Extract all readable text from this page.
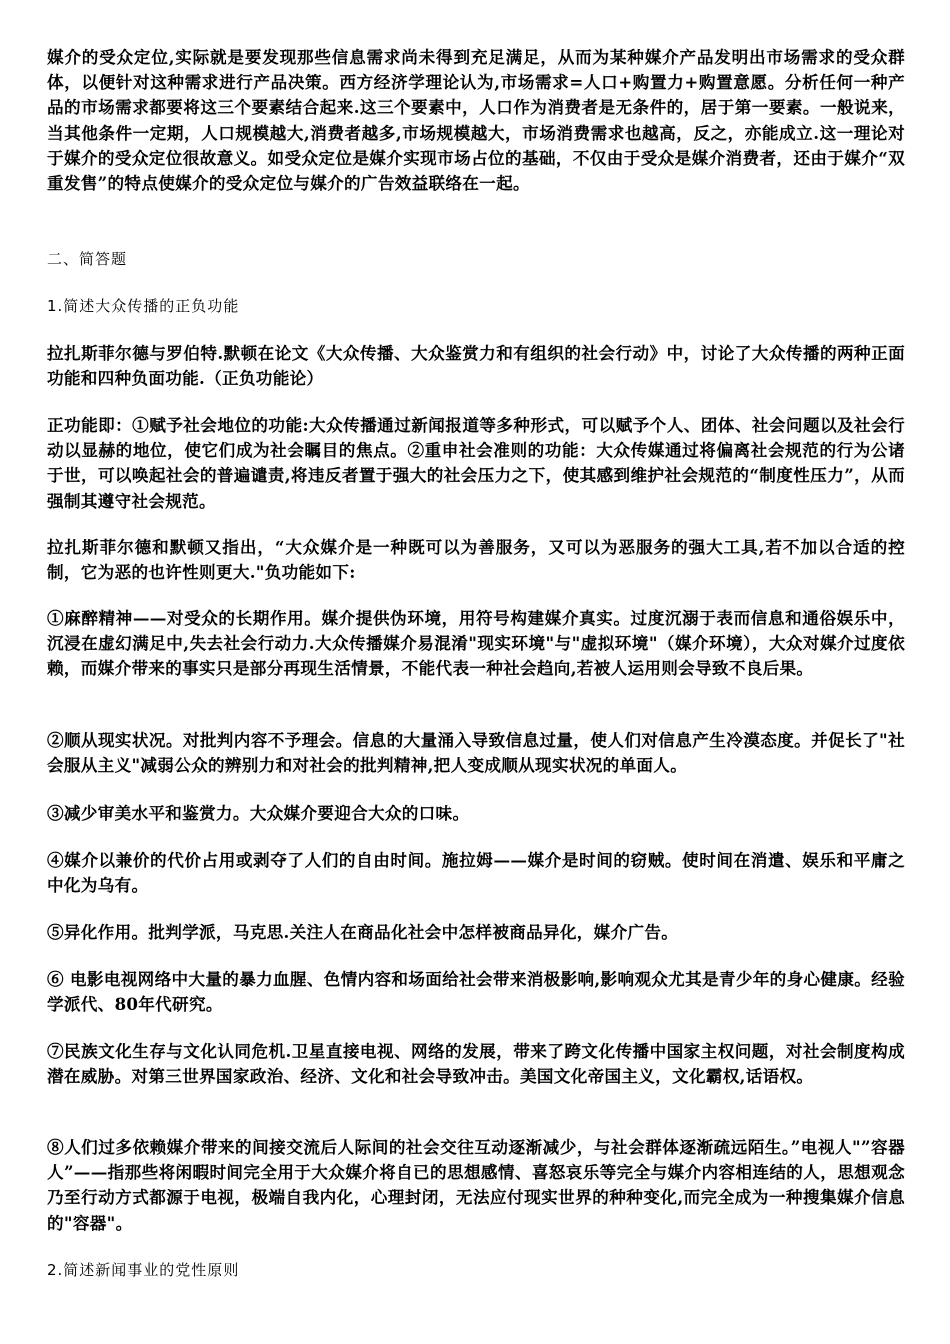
媒介的受众定位,实际就是要发现那些信息需求尚未得到充足满足，从而为某种媒介产品发明出市场需求的受众群体，以便针对这种需求进行产品决策。西方经济学理论认为,市场需求=人口+购置力+购置意愿。分析任何一种产品的市场需求都要将这三个要素结合起来.这三个要素中，人口作为消费者是无条件的，居于第一要素。一般说来，当其他条件一定期，人口规模越大,消费者越多,市场规模越大，市场消费需求也越高，反之，亦能成立.这一理论对于媒介的受众定位很故意义。如受众定位是媒介实现市场占位的基础，不仅由于受众是媒介消费者，还由于媒介“双重发售”的特点使媒介的受众定位与媒介的广告效益联络在一起。

二、简答题

1.简述大众传播的正负功能

拉扎斯菲尔德与罗伯特.默顿在论文《大众传播、大众鉴赏力和有组织的社会行动》中，讨论了大众传播的两种正面功能和四种负面功能.（正负功能论）

正功能即：①赋予社会地位的功能:大众传播通过新闻报道等多种形式，可以赋予个人、团体、社会问题以及社会行动以显赫的地位，使它们成为社会瞩目的焦点。②重申社会准则的功能：大众传媒通过将偏离社会规范的行为公诸于世，可以唤起社会的普遍谴责,将违反者置于强大的社会压力之下，使其感到维护社会规范的“制度性压力”，从而强制其遵守社会规范。

拉扎斯菲尔德和默顿又指出，“大众媒介是一种既可以为善服务，又可以为恶服务的强大工具,若不加以合适的控制，它为恶的也许性则更大."负功能如下:

①麻醉精神——对受众的长期作用。媒介提供伪环境，用符号构建媒介真实。过度沉溺于表而信息和通俗娱乐中，沉浸在虚幻满足中,失去社会行动力.大众传播媒介易混淆"现实环境"与"虚拟环境"（媒介环境），大众对媒介过度依赖，而媒介带来的事实只是部分再现生活情景，不能代表一种社会趋向,若被人运用则会导致不良后果。

②顺从现实状况。对批判内容不予理会。信息的大量涌入导致信息过量，使人们对信息产生冷漠态度。并促长了"社会服从主义"减弱公众的辨别力和对社会的批判精神,把人变成顺从现实状况的单面人。

③减少审美水平和鉴赏力。大众媒介要迎合大众的口味。

④媒介以兼价的代价占用或剥夺了人们的自由时间。施拉姆——媒介是时间的窃贼。使时间在消遣、娱乐和平庸之中化为乌有。

⑤异化作用。批判学派，马克思.关注人在商品化社会中怎样被商品异化，媒介广告。

⑥ 电影电视网络中大量的暴力血腥、色情内容和场面给社会带来消极影响,影响观众尤其是青少年的身心健康。经验学派代、80年代研究。

⑦民族文化生存与文化认同危机.卫星直接电视、网络的发展，带来了跨文化传播中国家主权问题，对社会制度构成潜在威胁。对第三世界国家政治、经济、文化和社会导致冲击。美国文化帝国主义，文化霸权,话语权。

⑧人们过多依赖媒介带来的间接交流后人际间的社会交往互动逐渐减少，与社会群体逐渐疏远陌生。”电视人"”容器人”——指那些将闲暇时间完全用于大众媒介将自已的思想感情、喜怒哀乐等完全与媒介内容相连结的人，思想观念乃至行动方式都源于电视，极端自我内化，心理封闭，无法应付现实世界的种种变化,而完全成为一种搜集媒介信息的"容器"。

2.简述新闻事业的党性原则
